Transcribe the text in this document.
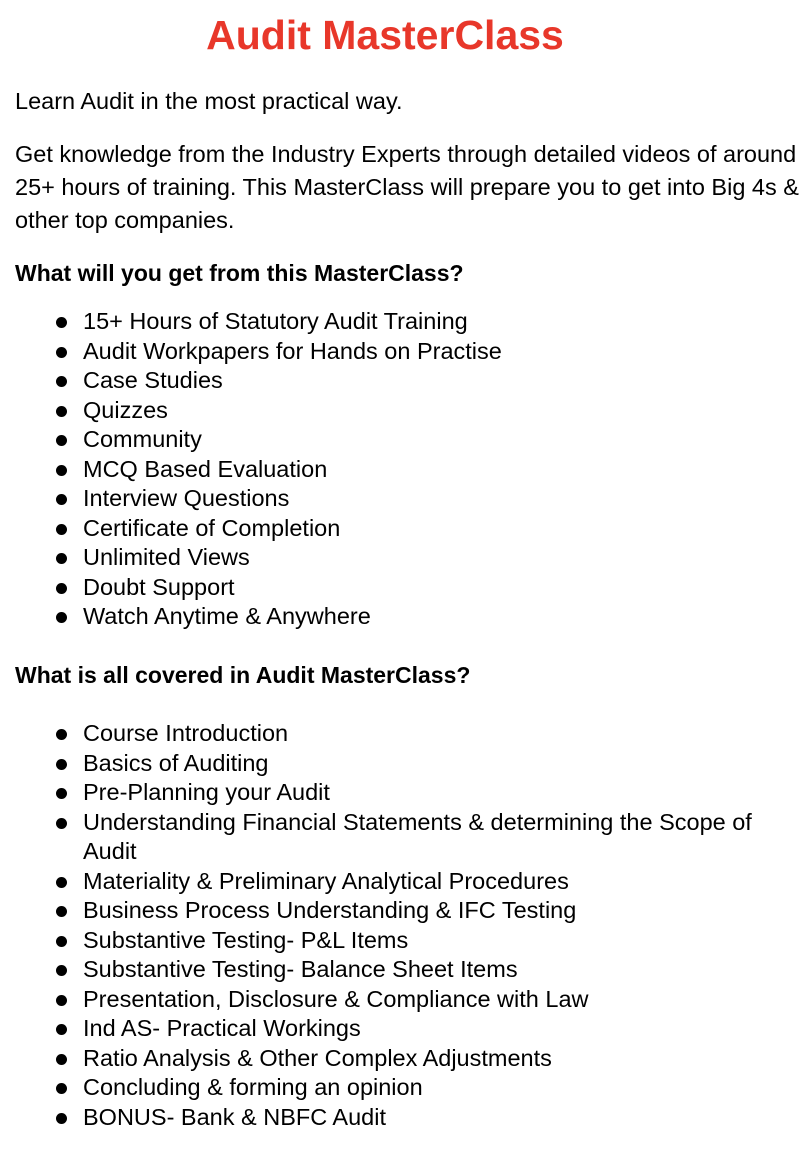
Audit MasterClass

Learn Audit in the most practical way.

Get knowledge from the Industry Experts through detailed videos of around 25+ hours of training. This MasterClass will prepare you to get into Big 4s & other top companies.

What will you get from this MasterClass?
15+ Hours of Statutory Audit Training
Audit Workpapers for Hands on Practise
Case Studies
Quizzes
Community
MCQ Based Evaluation
Interview Questions
Certificate of Completion
Unlimited Views
Doubt Support
Watch Anytime & Anywhere
What is all covered in Audit MasterClass?
Course Introduction
Basics of Auditing
Pre-Planning your Audit
Understanding Financial Statements & determining the Scope of Audit
Materiality & Preliminary Analytical Procedures
Business Process Understanding & IFC Testing
Substantive Testing- P&L Items
Substantive Testing- Balance Sheet Items
Presentation, Disclosure & Compliance with Law
Ind AS- Practical Workings
Ratio Analysis & Other Complex Adjustments
Concluding & forming an opinion
BONUS- Bank & NBFC Audit
